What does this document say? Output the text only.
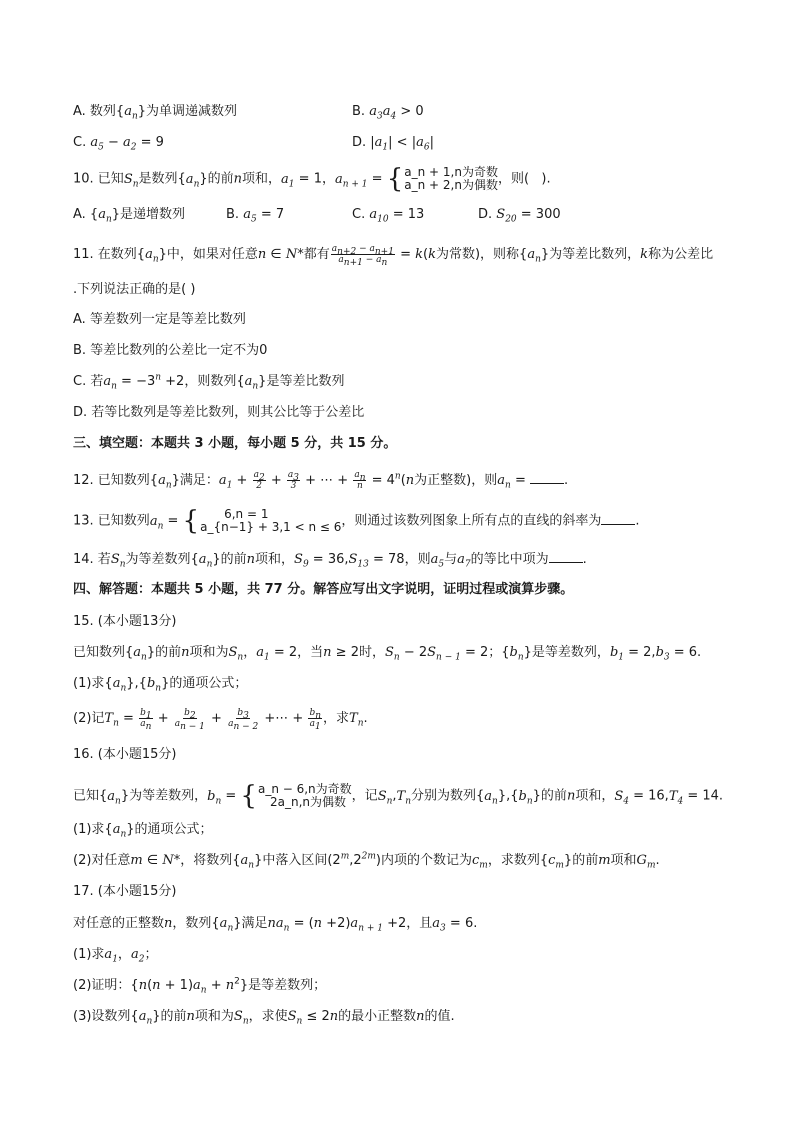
A. 数列$\{a_n\}$为单调递减数列	B. $a_3a_4 > 0$
C. $a_5 - a_2 = 9$	D. $|a_1| < |a_6|$
10. 已知$S_n$是数列$\{a_n\}$的前n项和，$a_1 = 1$，$a_{n + 1}$ = { a_n + 1,n为奇数
a_n + 2,n为偶数 ，则(   ).
A. $\{a_n\}$是递增数列	B. $a_5 = 7$	C. $a_{10} = 13$	D. $S_{20} = 300$
11. 在数列$\{a_n\}$中，如果对任意n ∈ N*都有 $\frac{a_{n+2} - a_{n+1}}{a_{n+1} - a_n} = k(k$为常数)，则称$\{a_n\}$为等差比数列，k称为公差比
.下列说法正确的是( )
A. 等差数列一定是等差比数列
B. 等差比数列的公差比一定不为0
C. 若$a_n = -3^n +2$，则数列$\{a_n\}$是等差比数列
D. 若等比数列是等差比数列，则其公比等于公差比
三、填空题：本题共 3 小题，每小题 5 分，共 15 分。
12. 已知数列$\{a_n\}$满足：$a_1 + \frac{a_2}{2} + \frac{a_3}{3}$ + ⋯ + $\frac{a_n}{n} = 4^n(n$为正整数)，则$a_n$ =	.
13. 已知数列$a_n$ = {	6,n = 1
a_{n−1} + 3,1 < n ≤ 6 ，则通过该数列图象上所有点的直线的斜率为	.
14. 若$S_n$为等差数列$\{a_n\}$的前n项和，$S_9 = 36,S_{13} = 78$，则$a_5$与$a_7$的等比中项为	.
四、解答题：本题共 5 小题，共 77 分。解答应写出文字说明，证明过程或演算步骤。
15. (本小题13分)
已知数列$\{a_n\}$的前n项和为$S_n$，$a_1 = 2$，当n ≥ 2时，$S_n - 2S_{n - 1} = 2$；$\{b_n\}$是等差数列，$b_1 = 2,b_3 = 6$.
(1)求$\{a_n\},\{b_n\}$的通项公式；
(2)记$T_n = \frac{b_1}{a_n} + \frac{b_2}{a_{n - 1}} + \frac{b_3}{a_{n - 2}}$ +⋯ + $\frac{b_n}{a_1}$ ，求$T_n$.
16. (本小题15分)
已知$\{a_n\}$为等差数列，$b_n$ = { a_n − 6,n为奇数
2a_n,n为偶数 ，记$S_n,T_n$分别为数列$\{a_n\},\{b_n\}$的前n项和，$S_4 = 16,T_4 = 14$.
(1)求$\{a_n\}$的通项公式；
(2)对任意m ∈ N*，将数列$\{a_n\}$中落入区间$(2^m,2^{2m})$内项的个数记为$c_m$，求数列$\{c_m\}$的前m项和$G_m$.
17. (本小题15分)
对任意的正整数n，数列$\{a_n\}$满足$na_n = (n +2)a_{n + 1} +2$，且$a_3 = 6$.
(1)求$a_1$，$a_2$；
(2)证明：$\{n(n + 1)a_n + n^2\}$是等差数列；
(3)设数列$\{a_n\}$的前n项和为$S_n$，求使$S_n \le 2n$的最小正整数n的值.
